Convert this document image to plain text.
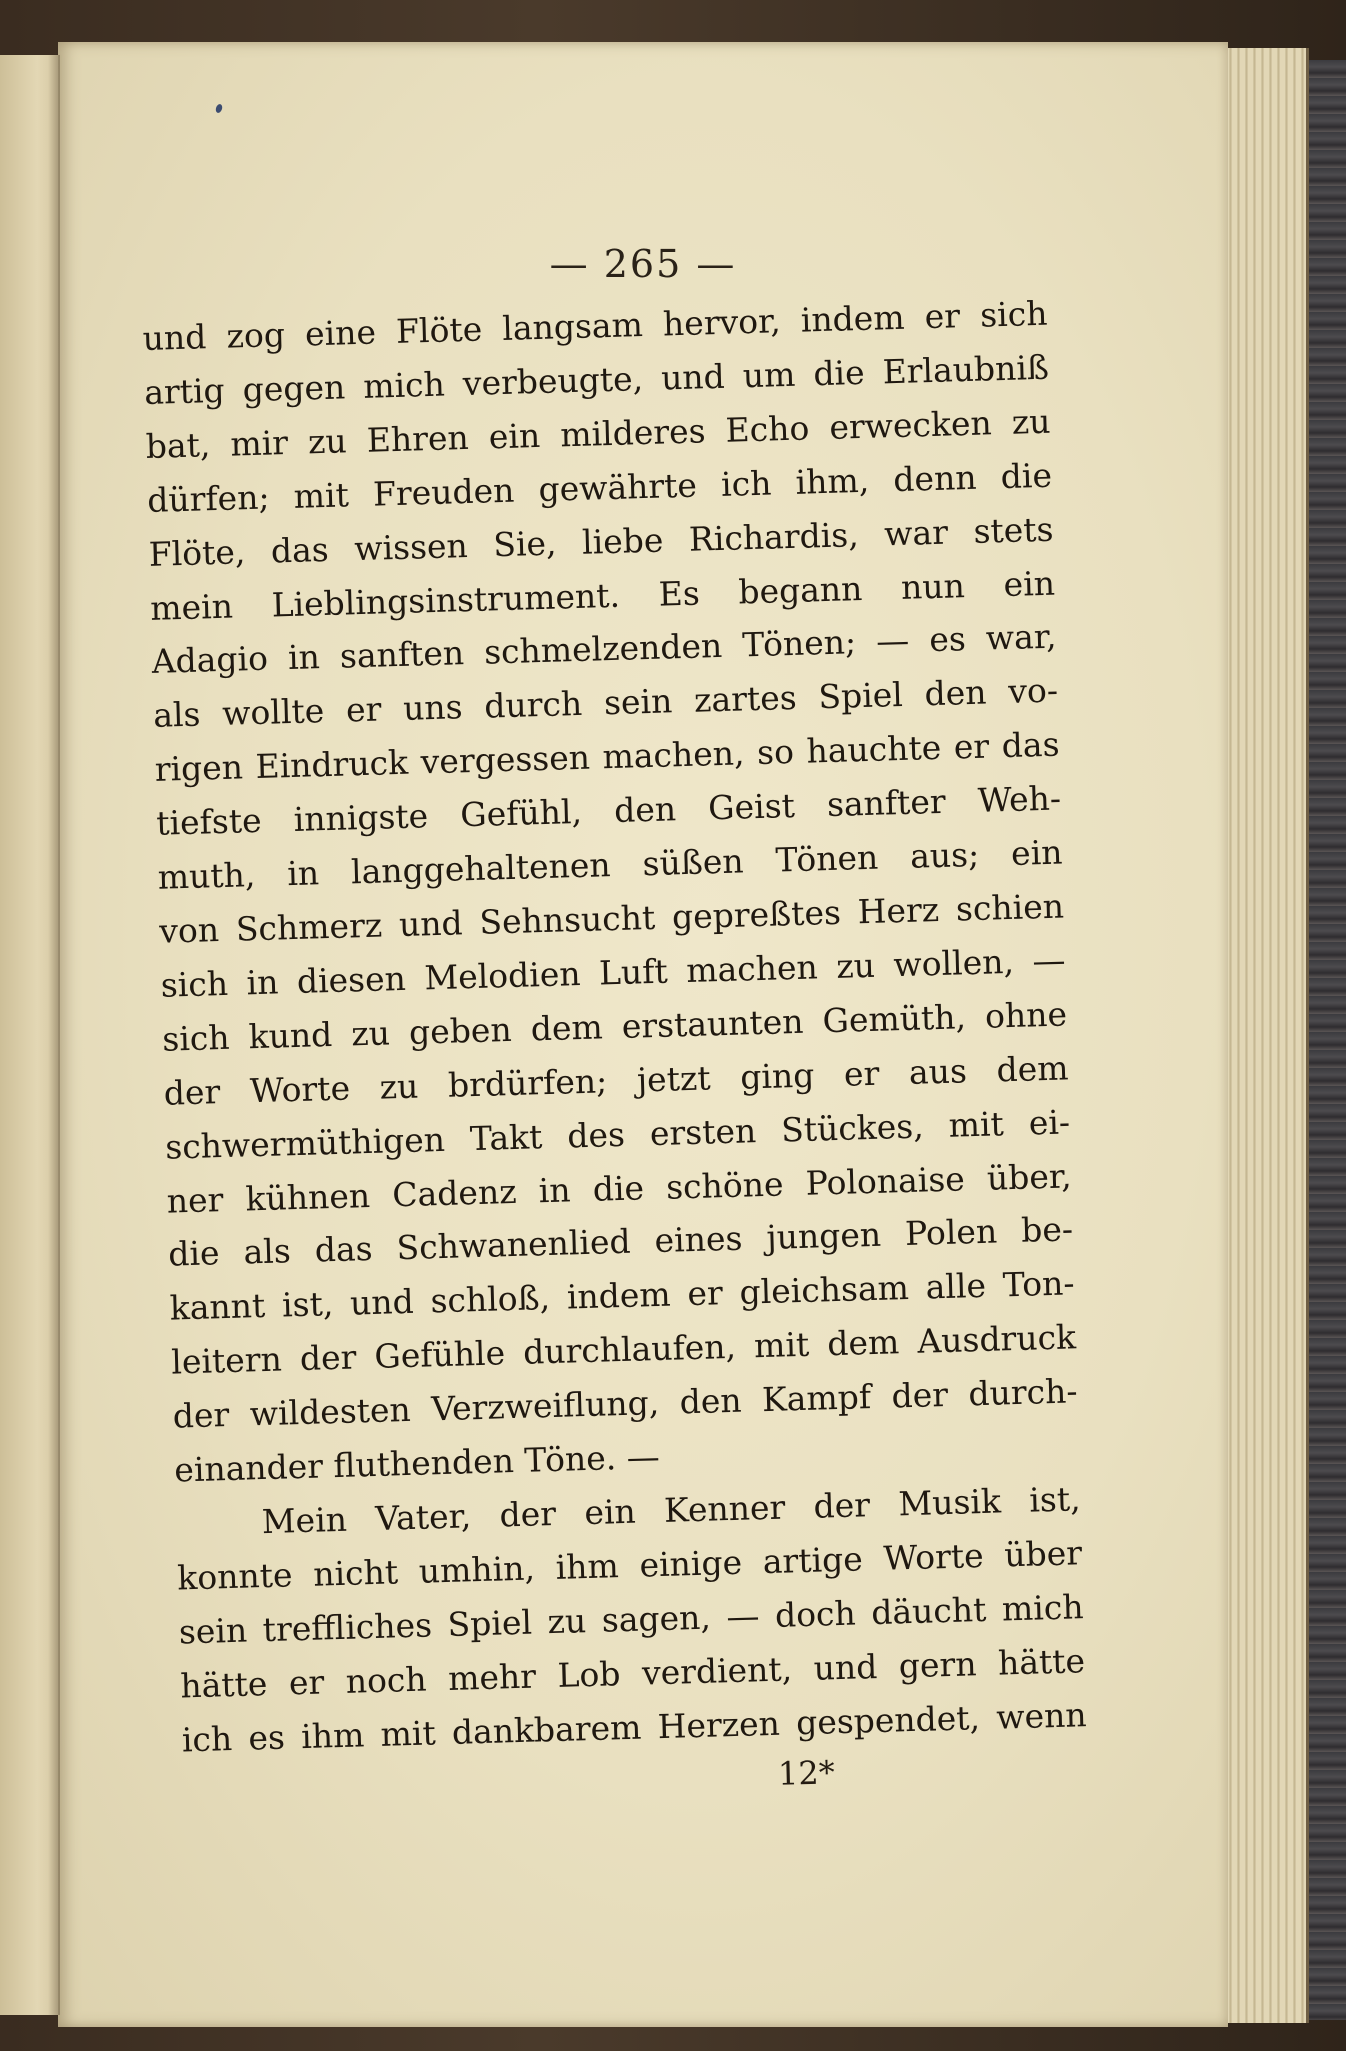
— 265 —
und zog eine Flöte langsam hervor, indem er sich
artig gegen mich verbeugte, und um die Erlaubniß
bat, mir zu Ehren ein milderes Echo erwecken zu
dürfen; mit Freuden gewährte ich ihm, denn die
Flöte, das wissen Sie, liebe Richardis, war stets
mein Lieblingsinstrument. Es begann nun ein
Adagio in sanften schmelzenden Tönen; — es war,
als wollte er uns durch sein zartes Spiel den vo-
rigen Eindruck vergessen machen, so hauchte er das
tiefste innigste Gefühl, den Geist sanfter Weh-
muth, in langgehaltenen süßen Tönen aus; ein
von Schmerz und Sehnsucht gepreßtes Herz schien
sich in diesen Melodien Luft machen zu wollen, —
sich kund zu geben dem erstaunten Gemüth, ohne
der Worte zu brdürfen; jetzt ging er aus dem
schwermüthigen Takt des ersten Stückes, mit ei-
ner kühnen Cadenz in die schöne Polonaise über,
die als das Schwanenlied eines jungen Polen be-
kannt ist, und schloß, indem er gleichsam alle Ton-
leitern der Gefühle durchlaufen, mit dem Ausdruck
der wildesten Verzweiflung, den Kampf der durch-
einander fluthenden Töne. —
Mein Vater, der ein Kenner der Musik ist,
konnte nicht umhin, ihm einige artige Worte über
sein treffliches Spiel zu sagen, — doch däucht mich
hätte er noch mehr Lob verdient, und gern hätte
ich es ihm mit dankbarem Herzen gespendet, wenn
12*
